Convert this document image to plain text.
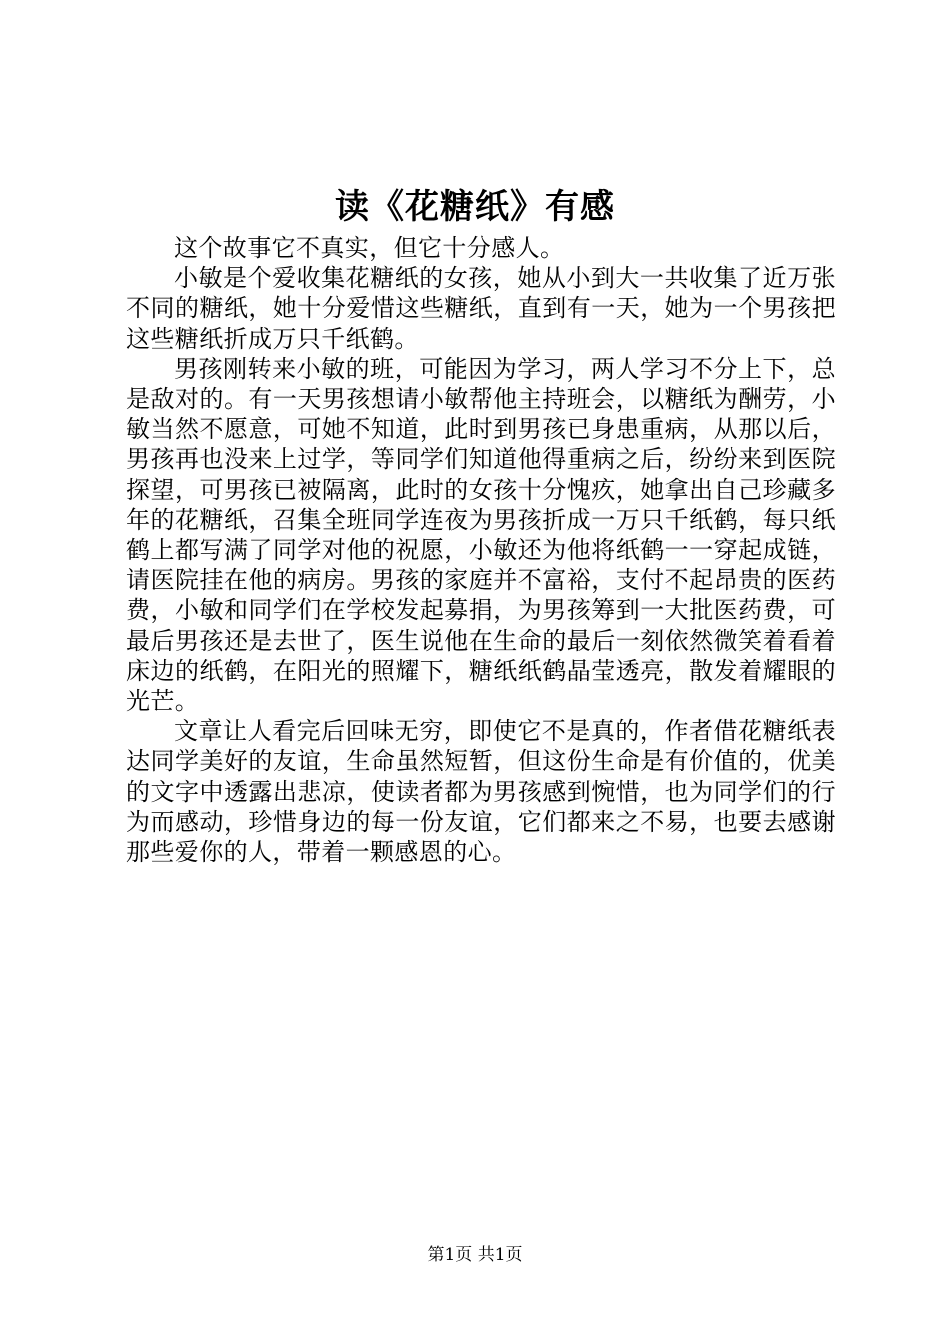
读《花糖纸》有感

这个故事它不真实，但它十分感人。

小敏是个爱收集花糖纸的女孩，她从小到大一共收集了近万张不同的糖纸，她十分爱惜这些糖纸，直到有一天，她为一个男孩把这些糖纸折成万只千纸鹤。

男孩刚转来小敏的班，可能因为学习，两人学习不分上下，总是敌对的。有一天男孩想请小敏帮他主持班会，以糖纸为酬劳，小敏当然不愿意，可她不知道，此时到男孩已身患重病，从那以后，男孩再也没来上过学，等同学们知道他得重病之后，纷纷来到医院探望，可男孩已被隔离，此时的女孩十分愧疚，她拿出自己珍藏多年的花糖纸，召集全班同学连夜为男孩折成一万只千纸鹤，每只纸鹤上都写满了同学对他的祝愿，小敏还为他将纸鹤一一穿起成链，请医院挂在他的病房。男孩的家庭并不富裕，支付不起昂贵的医药费，小敏和同学们在学校发起募捐，为男孩筹到一大批医药费，可最后男孩还是去世了，医生说他在生命的最后一刻依然微笑着看着床边的纸鹤，在阳光的照耀下，糖纸纸鹤晶莹透亮，散发着耀眼的光芒。

文章让人看完后回味无穷，即使它不是真的，作者借花糖纸表达同学美好的友谊，生命虽然短暂，但这份生命是有价值的，优美的文字中透露出悲凉，使读者都为男孩感到惋惜，也为同学们的行为而感动，珍惜身边的每一份友谊，它们都来之不易，也要去感谢那些爱你的人，带着一颗感恩的心。

第1页 共1页
